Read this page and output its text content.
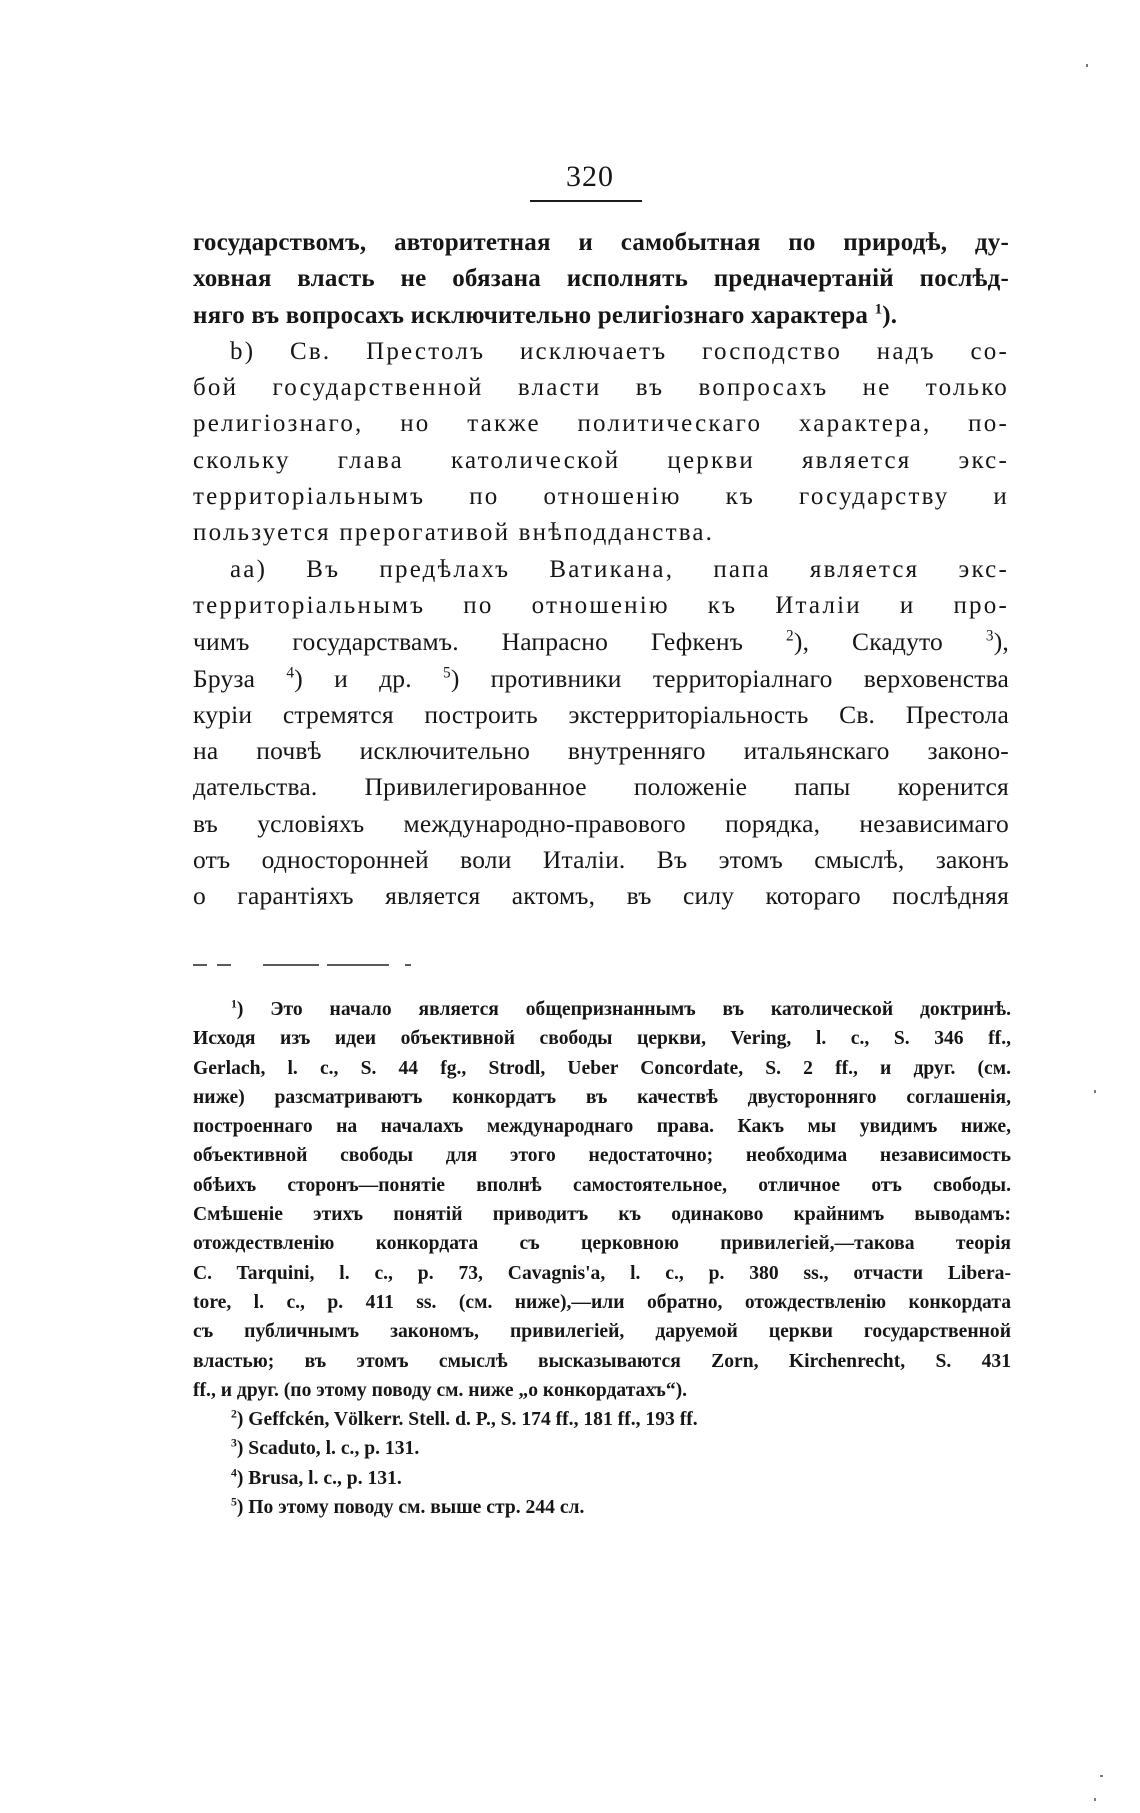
320
государствомъ, авторитетная и самобытная по природѣ, ду-
ховная власть не обязана исполнять предначертаній послѣд-
няго въ вопросахъ исключительно религіознаго характера $^1$).
b) Св. Престолъ исключаетъ господство надъ со-
бой государственной власти въ вопросахъ не только
религіознаго, но также политическаго характера, по-
скольку глава католической церкви является экс-
территоріальнымъ по отношенію къ государству и
пользуется прерогативой внѣподданства.
аа) Въ предѣлахъ Ватикана, папа является экс-
территоріальнымъ по отношенію къ Италіи и про-
чимъ государствамъ. Напрасно Гефкенъ	$^2$), Скадуто	$^3$),
Бруза $^4$) и др. $^5$) противники территоріалнаго верховенства
куріи стремятся построить экстерриторіальность Св. Престола
на почвѣ исключительно внутренняго итальянскаго законо-
дательства. Привилегированное положеніе папы коренится
въ условіяхъ международно-правового порядка, независимаго
отъ односторонней воли Италіи. Въ этомъ смыслѣ, законъ
о гарантіяхъ является актомъ, въ силу котораго послѣдняя
$^1$) Это начало является общепризнаннымъ въ католической доктринѣ.
Исходя изъ идеи объективной свободы церкви, Vering, l. c., S. 346 ff.,
Gerlach, l. c., S. 44 fg., Strodl, Ueber Concordate, S. 2 ff., и друг. (см.
ниже) разсматриваютъ конкордатъ въ качествѣ двусторонняго соглашенія,
построеннаго на началахъ международнаго права. Какъ мы увидимъ ниже,
объективной свободы для этого недостаточно; необходима независимость
обѣихъ сторонъ—понятіе вполнѣ самостоятельное, отличное отъ свободы.
Смѣшеніе этихъ понятій приводитъ къ одинаково крайнимъ выводамъ:
отождествленію конкордата съ церковною привилегіей,—такова теорія
C. Tarquini, l. c., p. 73, Cavagnis'a, l. c., p. 380 ss., отчасти Libera-
tore, l. c., p. 411 ss. (см. ниже),—или обратно, отождествленію конкордата
съ публичнымъ закономъ, привилегіей, даруемой церкви государственной
властью; въ этомъ смыслѣ высказываются Zorn, Kirchenrecht, S. 431
ff., и друг. (по этому поводу см. ниже „о конкордатахъ“).
$^2$) Geffckén, Völkerr. Stell. d. P., S. 174 ff., 181 ff., 193 ff.
$^3$) Scaduto, l. c., p. 131.
$^4$) Brusa, l. c., p. 131.
$^5$) По этому поводу см. выше стр. 244 сл.
